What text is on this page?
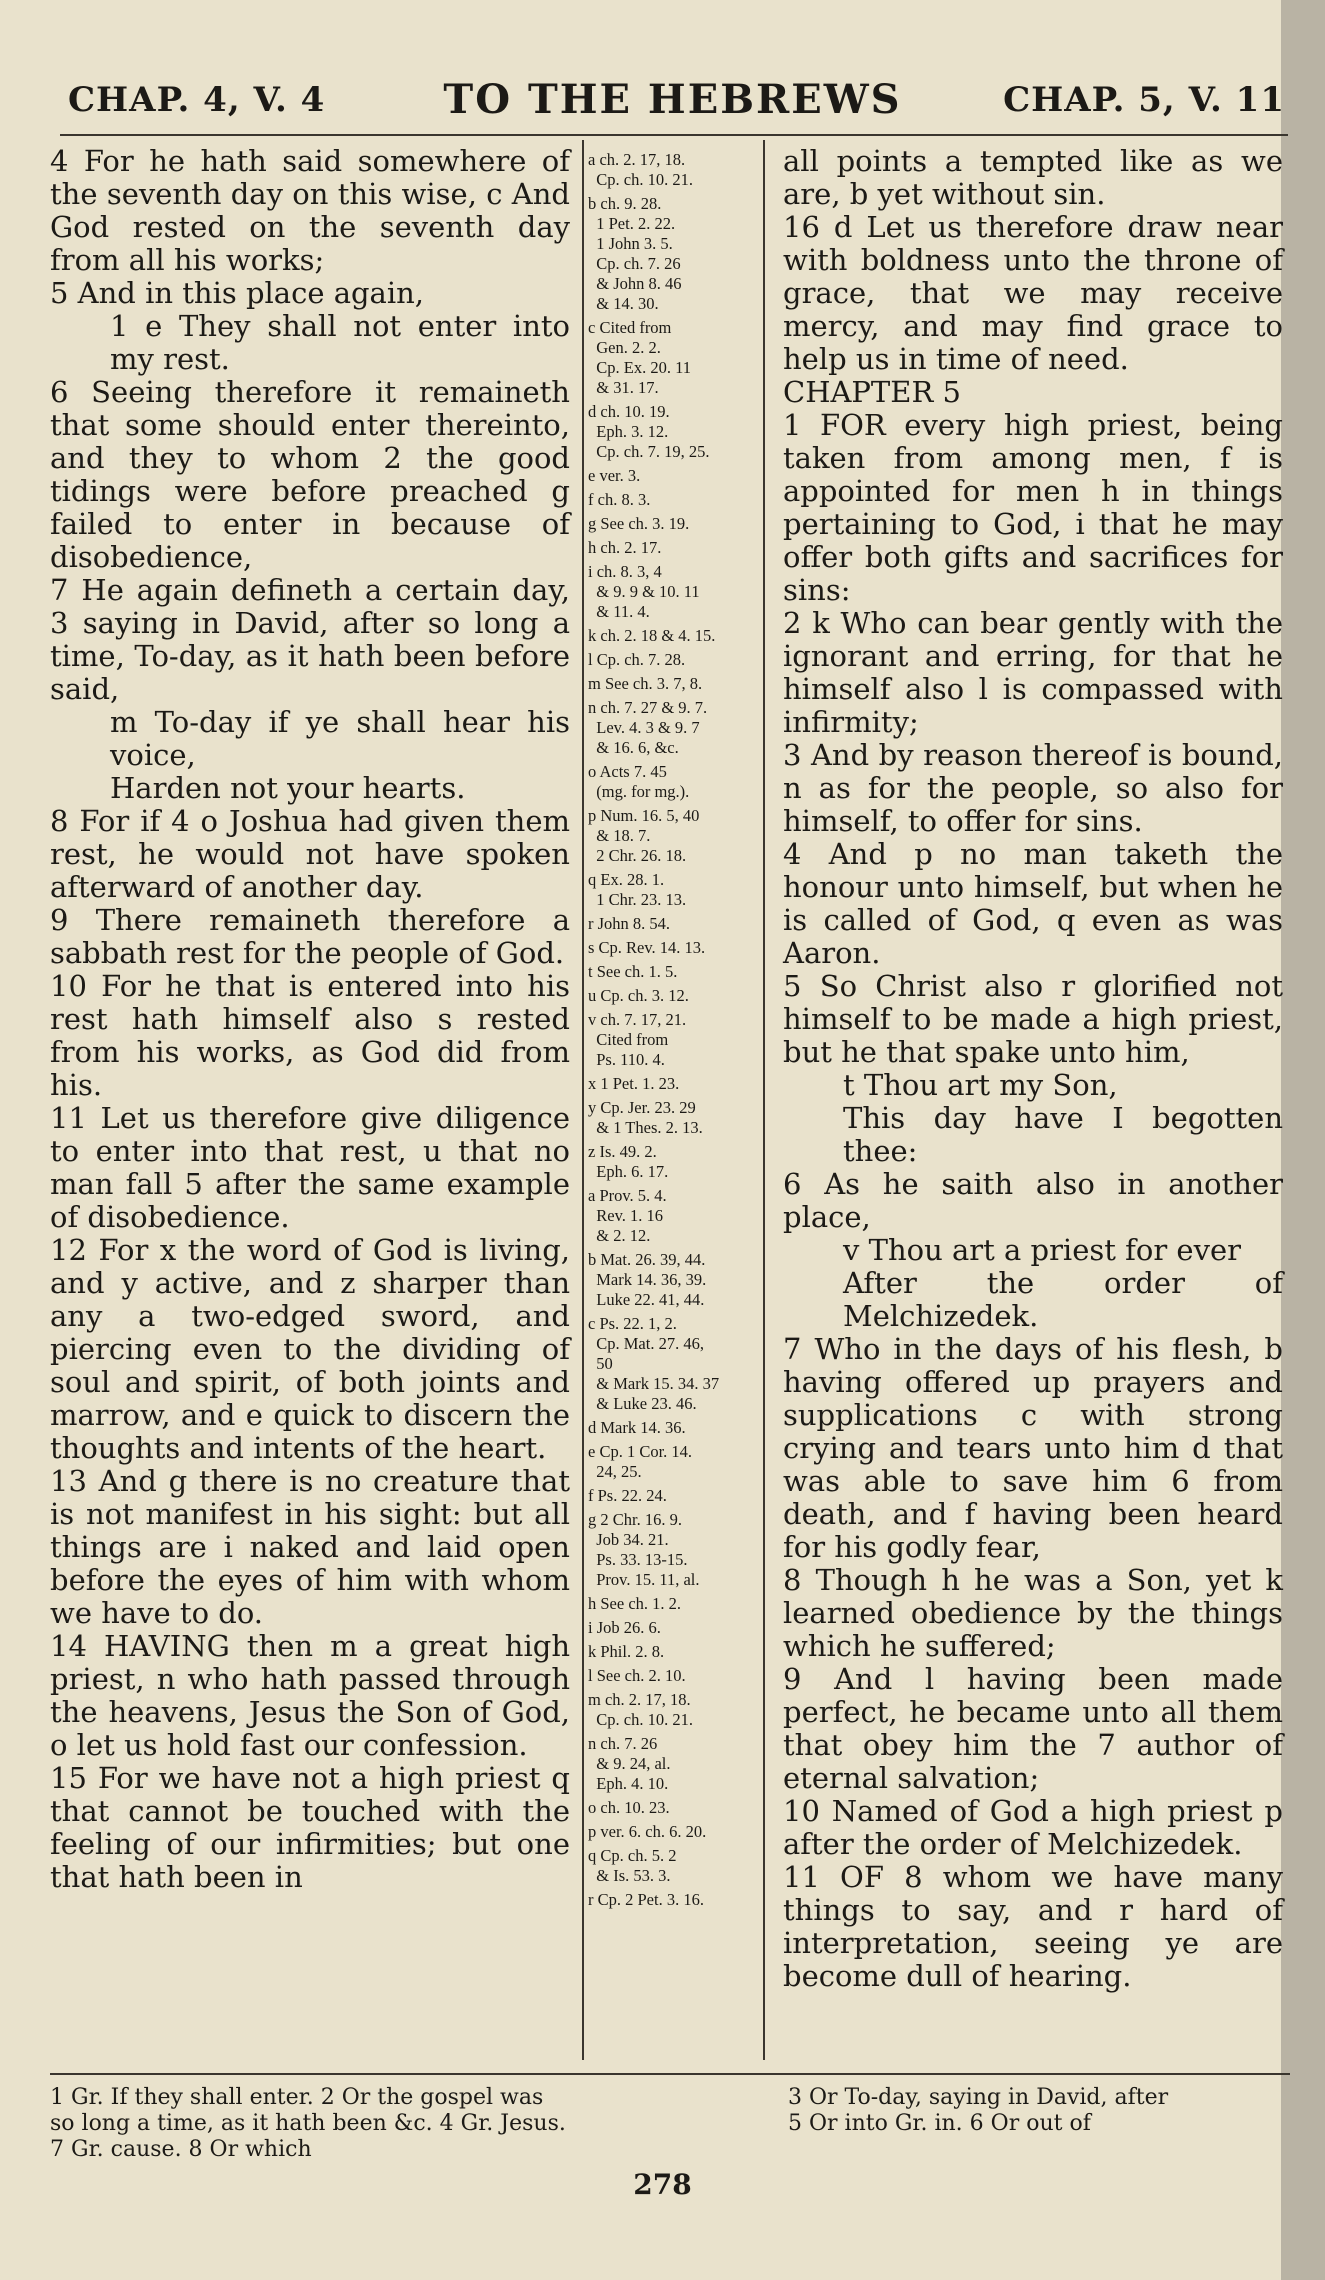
CHAP. 4, V. 4	TO THE HEBREWS	CHAP. 5, V. 11

4 For he hath said somewhere of the seventh day on this wise, c And God rested on the seventh day from all his works;

5 And in this place again,

1 e They shall not enter into my rest.

6 Seeing therefore it remaineth that some should enter thereinto, and they to whom 2 the good tidings were before preached g failed to enter in because of disobedience,

7 He again defineth a certain day, 3 saying in David, after so long a time, To-day, as it hath been before said,

m To-day if ye shall hear his voice,

Harden not your hearts.

8 For if 4 o Joshua had given them rest, he would not have spoken afterward of another day.

9 There remaineth therefore a sabbath rest for the people of God.

10 For he that is entered into his rest hath himself also s rested from his works, as God did from his.

11 Let us therefore give diligence to enter into that rest, u that no man fall 5 after the same example of disobedience.

12 For x the word of God is living, and y active, and z sharper than any a two-edged sword, and piercing even to the dividing of soul and spirit, of both joints and marrow, and e quick to discern the thoughts and intents of the heart.

13 And g there is no creature that is not manifest in his sight: but all things are i naked and laid open before the eyes of him with whom we have to do.

14 HAVING then m a great high priest, n who hath passed through the heavens, Jesus the Son of God, o let us hold fast our confession.

15 For we have not a high priest q that cannot be touched with the feeling of our infirmities; but one that hath been in

a ch. 2. 17, 18.
Cp. ch. 10. 21.
b ch. 9. 28.
1 Pet. 2. 22.
1 John 3. 5.
Cp. ch. 7. 26
& John 8. 46
& 14. 30.
c Cited from
Gen. 2. 2.
Cp. Ex. 20. 11
& 31. 17.
d ch. 10. 19.
Eph. 3. 12.
Cp. ch. 7. 19, 25.
e ver. 3.
f ch. 8. 3.
g See ch. 3. 19.
h ch. 2. 17.
i ch. 8. 3, 4
& 9. 9 & 10. 11
& 11. 4.
k ch. 2. 18 & 4. 15.
l Cp. ch. 7. 28.
m See ch. 3. 7, 8.
n ch. 7. 27 & 9. 7.
Lev. 4. 3 & 9. 7
& 16. 6, &c.
o Acts 7. 45
(mg. for mg.).
p Num. 16. 5, 40
& 18. 7.
2 Chr. 26. 18.
q Ex. 28. 1.
1 Chr. 23. 13.
r John 8. 54.
s Cp. Rev. 14. 13.
t See ch. 1. 5.
u Cp. ch. 3. 12.
v ch. 7. 17, 21.
Cited from
Ps. 110. 4.
x 1 Pet. 1. 23.
y Cp. Jer. 23. 29
& 1 Thes. 2. 13.
z Is. 49. 2.
Eph. 6. 17.
a Prov. 5. 4.
Rev. 1. 16
& 2. 12.
b Mat. 26. 39, 44.
Mark 14. 36, 39.
Luke 22. 41, 44.
c Ps. 22. 1, 2.
Cp. Mat. 27. 46,
50
& Mark 15. 34. 37
& Luke 23. 46.
d Mark 14. 36.
e Cp. 1 Cor. 14.
24, 25.
f Ps. 22. 24.
g 2 Chr. 16. 9.
Job 34. 21.
Ps. 33. 13-15.
Prov. 15. 11, al.
h See ch. 1. 2.
i Job 26. 6.
k Phil. 2. 8.
l See ch. 2. 10.
m ch. 2. 17, 18.
Cp. ch. 10. 21.
n ch. 7. 26
& 9. 24, al.
Eph. 4. 10.
o ch. 10. 23.
p ver. 6. ch. 6. 20.
q Cp. ch. 5. 2
& Is. 53. 3.
r Cp. 2 Pet. 3. 16.

all points a tempted like as we are, b yet without sin.

16 d Let us therefore draw near with boldness unto the throne of grace, that we may receive mercy, and may find grace to help us in time of need.

CHAPTER 5

1 FOR every high priest, being taken from among men, f is appointed for men h in things pertaining to God, i that he may offer both gifts and sacrifices for sins:

2 k Who can bear gently with the ignorant and erring, for that he himself also l is compassed with infirmity;

3 And by reason thereof is bound, n as for the people, so also for himself, to offer for sins.

4 And p no man taketh the honour unto himself, but when he is called of God, q even as was Aaron.

5 So Christ also r glorified not himself to be made a high priest, but he that spake unto him,

t Thou art my Son,

This day have I begotten thee:

6 As he saith also in another place,

v Thou art a priest for ever

After the order of Melchizedek.

7 Who in the days of his flesh, b having offered up prayers and supplications c with strong crying and tears unto him d that was able to save him 6 from death, and f having been heard for his godly fear,

8 Though h he was a Son, yet k learned obedience by the things which he suffered;

9 And l having been made perfect, he became unto all them that obey him the 7 author of eternal salvation;

10 Named of God a high priest p after the order of Melchizedek.

11 OF 8 whom we have many things to say, and r hard of interpretation, seeing ye are become dull of hearing.

1 Gr. If they shall enter. 2 Or the gospel was
so long a time, as it hath been &c. 4 Gr. Jesus.
7 Gr. cause. 8 Or which
3 Or To-day, saying in David, after
5 Or into Gr. in. 6 Or out of
278
